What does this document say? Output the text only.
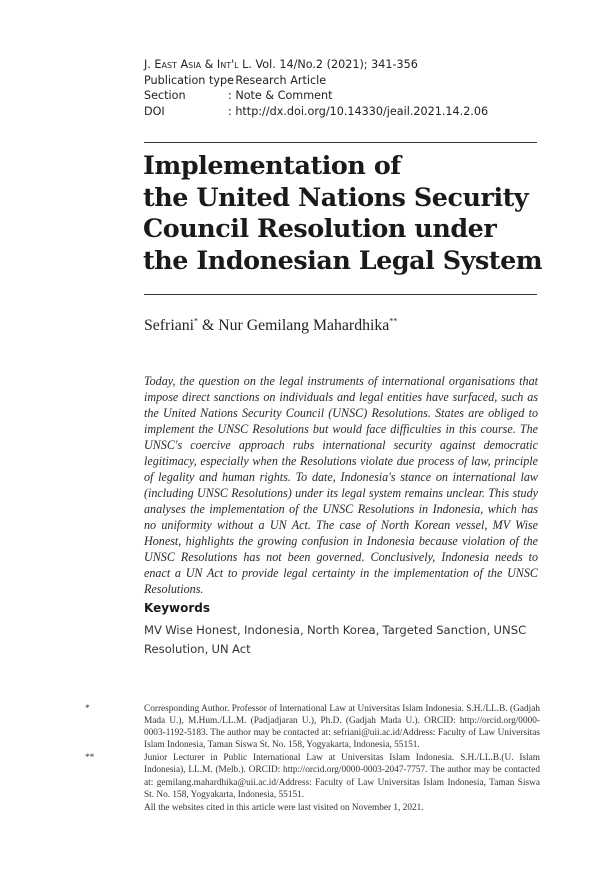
J. East Asia & Int'l L. Vol. 14/No.2 (2021); 341-356
Publication type: Research Article
Section	: Note & Comment
DOI	: http://dx.doi.org/10.14330/jeail.2021.14.2.06
Implementation of
the United Nations Security
Council Resolution under
the Indonesian Legal System
Sefriani* & Nur Gemilang Mahardhika**

Today, the question on the legal instruments of international organisations that impose direct sanctions on individuals and legal entities have surfaced, such as the United Nations Security Council (UNSC) Resolutions. States are obliged to implement the UNSC Resolutions but would face difficulties in this course. The UNSC's coercive approach rubs international security against democratic legitimacy, especially when the Resolutions violate due process of law, principle of legality and human rights. To date, Indonesia's stance on international law (including UNSC Resolutions) under its legal system remains unclear. This study analyses the implementation of the UNSC Resolutions in Indonesia, which has no uniformity without a UN Act. The case of North Korean vessel, MV Wise Honest, highlights the growing confusion in Indonesia because violation of the UNSC Resolutions has not been governed. Conclusively, Indonesia needs to enact a UN Act to provide legal certainty in the implementation of the UNSC Resolutions.

Keywords
MV Wise Honest, Indonesia, North Korea, Targeted Sanction, UNSC Resolution, UN Act
*	Corresponding Author. Professor of International Law at Universitas Islam Indonesia. S.H./LL.B. (Gadjah Mada U.), M.Hum./LL.M. (Padjadjaran U.), Ph.D. (Gadjah Mada U.). ORCID: http://orcid.org/0000-0003-1192-5183. The author may be contacted at: sefriani@uii.ac.id/Address: Faculty of Law Universitas Islam Indonesia, Taman Siswa St. No. 158, Yogyakarta, Indonesia, 55151.
**	Junior Lecturer in Public International Law at Universitas Islam Indonesia. S.H./LL.B.(U. Islam Indonesia), LL.M. (Melb.). ORCID: http://orcid.org/0000-0003-2047-7757. The author may be contacted at: gemilang.mahardhika@uii.ac.id/Address: Faculty of Law Universitas Islam Indonesia, Taman Siswa St. No. 158, Yogyakarta, Indonesia, 55151.
All the websites cited in this article were last visited on November 1, 2021.
